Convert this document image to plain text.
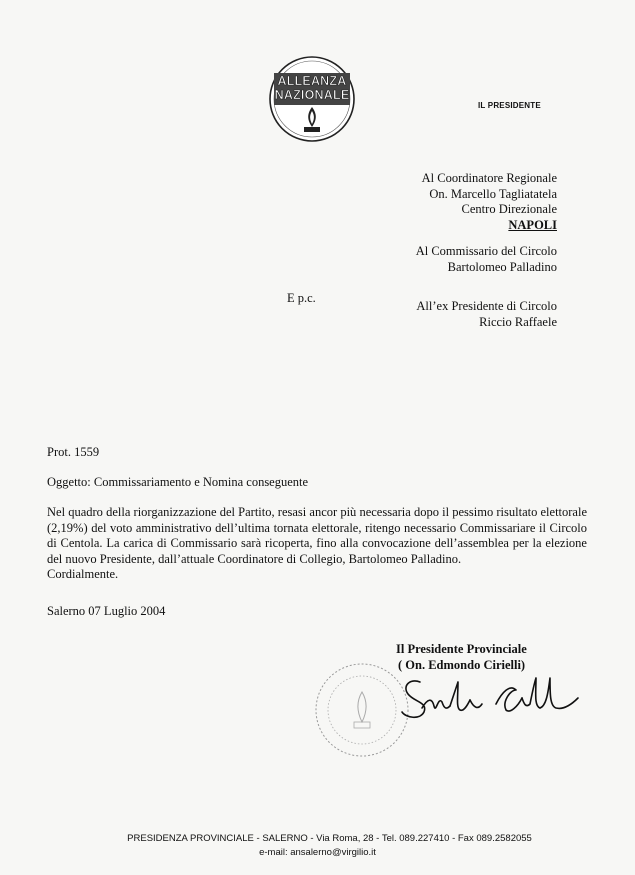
ALLEANZA
NAZIONALE
IL PRESIDENTE
Al Coordinatore Regionale
On. Marcello Tagliatatela
Centro Direzionale
NAPOLI
Al Commissario del Circolo
Bartolomeo Palladino
E p.c.
All’ex Presidente di Circolo
Riccio Raffaele
Prot. 1559
Oggetto: Commissariamento e Nomina conseguente

Nel quadro della riorganizzazione del Partito, resasi ancor più necessaria dopo il pessimo risultato elettorale (2,19%) del voto amministrativo dell’ultima tornata elettorale, ritengo necessario Commissariare il Circolo di Centola. La carica di Commissario sarà ricoperta, fino alla convocazione dell’assemblea per la elezione del nuovo Presidente, dall’attuale Coordinatore di Collegio, Bartolomeo Palladino.

Cordialmente.
Salerno 07 Luglio 2004
Il Presidente Provinciale
( On. Edmondo Cirielli)
PRESIDENZA PROVINCIALE - SALERNO - Via Roma, 28 - Tel. 089.227410 - Fax 089.2582055
e-mail: ansalerno@virgilio.it
